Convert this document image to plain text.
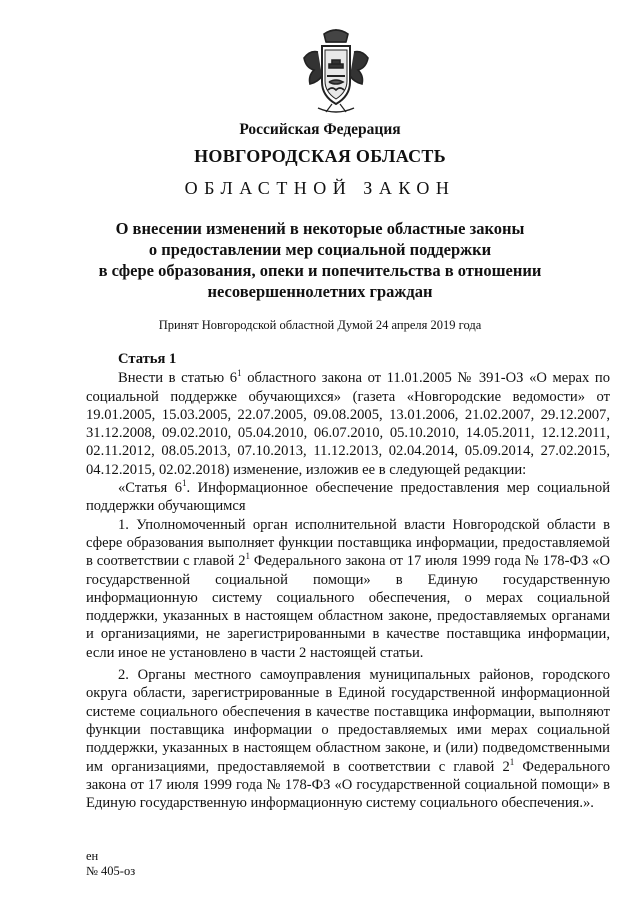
Российская Федерация
НОВГОРОДСКАЯ ОБЛАСТЬ
ОБЛАСТНОЙ ЗАКОН
О внесении изменений в некоторые областные законы
о предоставлении мер социальной поддержки
в сфере образования, опеки и попечительства в отношении
несовершеннолетних граждан
Принят Новгородской областной Думой 24 апреля 2019 года

Статья 1

Внести в статью $6^1$ областного закона от 11.01.2005 № 391-ОЗ «О мерах по социальной поддержке обучающихся» (газета «Новгородские ведомости» от 19.01.2005, 15.03.2005, 22.07.2005, 09.08.2005, 13.01.2006, 21.02.2007, 29.12.2007, 31.12.2008, 09.02.2010, 05.04.2010, 06.07.2010, 05.10.2010, 14.05.2011, 12.12.2011, 02.11.2012, 08.05.2013, 07.10.2013, 11.12.2013, 02.04.2014, 05.09.2014, 27.02.2015, 04.12.2015, 02.02.2018) изменение, изложив ее в следующей редакции:

«Статья $6^1$. Информационное обеспечение предоставления мер социальной поддержки обучающимся

1. Уполномоченный орган исполнительной власти Новгородской области в сфере образования выполняет функции поставщика информации, предоставляемой в соответствии с главой $2^1$ Федерального закона от 17 июля 1999 года № 178-ФЗ «О государственной социальной помощи» в Единую государственную информационную систему социального обеспечения, о мерах социальной поддержки, указанных в настоящем областном законе, предоставляемых органами и организациями, не зарегистрированными в качестве поставщика информации, если иное не установлено в части 2 настоящей статьи.

2. Органы местного самоуправления муниципальных районов, городского округа области, зарегистрированные в Единой государственной информационной системе социального обеспечения в качестве поставщика информации, выполняют функции поставщика информации о предоставляемых ими мерах социальной поддержки, указанных в настоящем областном законе, и (или) подведомственными им организациями, предоставляемой в соответствии с главой $2^1$ Федерального закона от 17 июля 1999 года № 178-ФЗ «О государственной социальной помощи» в Единую государственную информационную систему социального обеспечения.».

ен
№ 405-оз
